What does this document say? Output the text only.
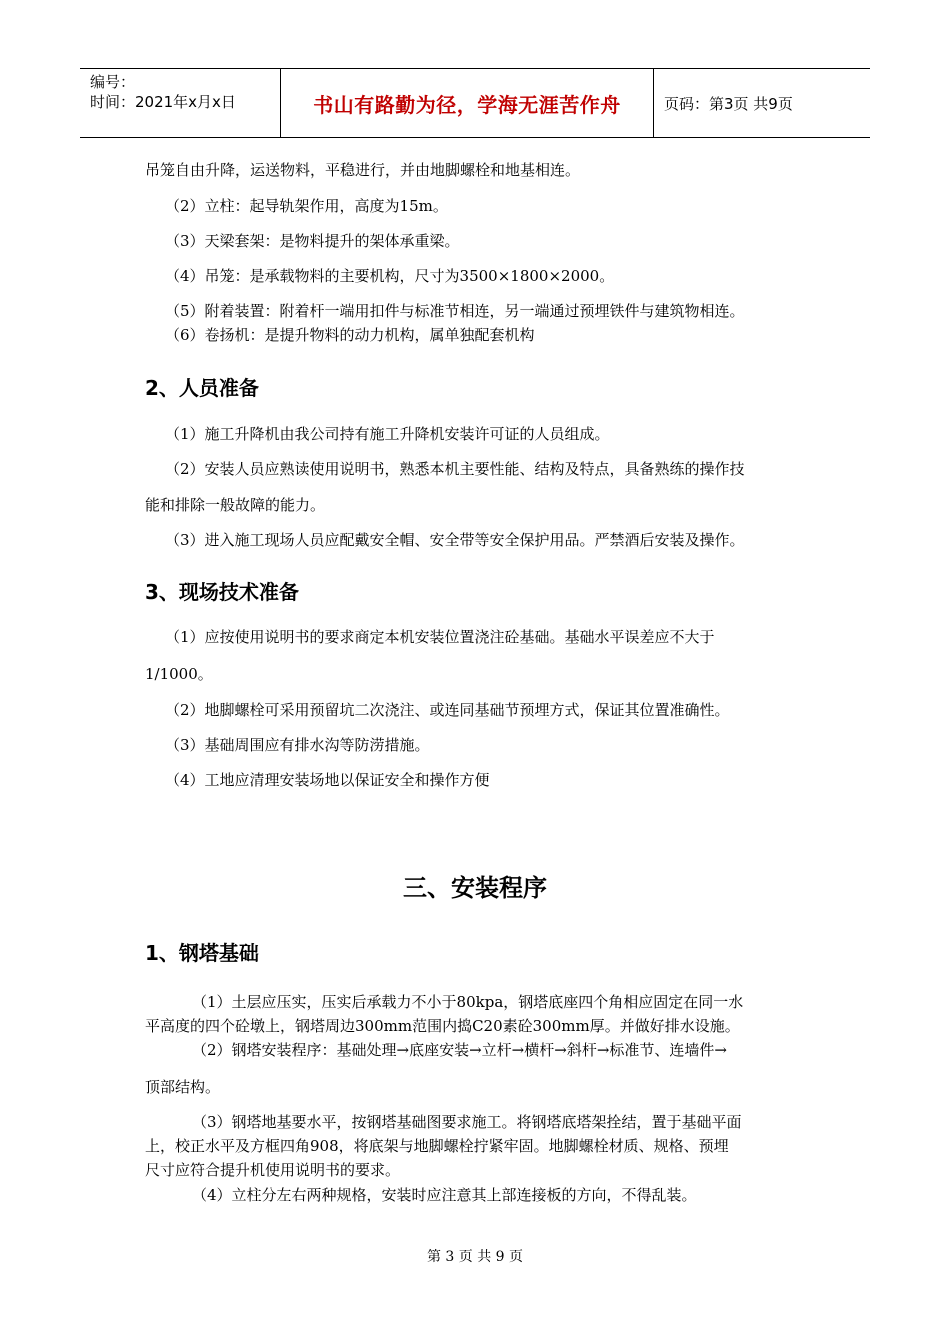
编号：
时间：2021年x月x日	书山有路勤为径，学海无涯苦作舟	页码：第3页 共9页
吊笼自由升降，运送物料，平稳进行，并由地脚螺栓和地基相连。
（2）立柱：起导轨架作用，高度为15m。
（3）天梁套架：是物料提升的架体承重梁。
（4）吊笼：是承载物料的主要机构，尺寸为3500×1800×2000。
（5）附着装置：附着杆一端用扣件与标准节相连，另一端通过预埋铁件与建筑物相连。
（6）卷扬机：是提升物料的动力机构，属单独配套机构
2、人员准备
（1）施工升降机由我公司持有施工升降机安装许可证的人员组成。
（2）安装人员应熟读使用说明书，熟悉本机主要性能、结构及特点，具备熟练的操作技
能和排除一般故障的能力。
（3）进入施工现场人员应配戴安全帽、安全带等安全保护用品。严禁酒后安装及操作。
3、现场技术准备
（1）应按使用说明书的要求商定本机安装位置浇注砼基础。基础水平误差应不大于
1/1000。
（2）地脚螺栓可采用预留坑二次浇注、或连同基础节预埋方式，保证其位置准确性。
（3）基础周围应有排水沟等防涝措施。
（4）工地应清理安装场地以保证安全和操作方便
三、安装程序
1、钢塔基础
（1）土层应压实，压实后承载力不小于80kpa，钢塔底座四个角相应固定在同一水
平高度的四个砼墩上，钢塔周边300mm范围内捣C20素砼300mm厚。并做好排水设施。
（2）钢塔安装程序：基础处理→底座安装→立杆→横杆→斜杆→标准节、连墙件→
顶部结构。
（3）钢塔地基要水平，按钢塔基础图要求施工。将钢塔底塔架拴结，置于基础平面
上，校正水平及方框四角908，将底架与地脚螺栓拧紧牢固。地脚螺栓材质、规格、预埋
尺寸应符合提升机使用说明书的要求。
（4）立柱分左右两种规格，安装时应注意其上部连接板的方向，不得乱装。
第 3 页 共 9 页
